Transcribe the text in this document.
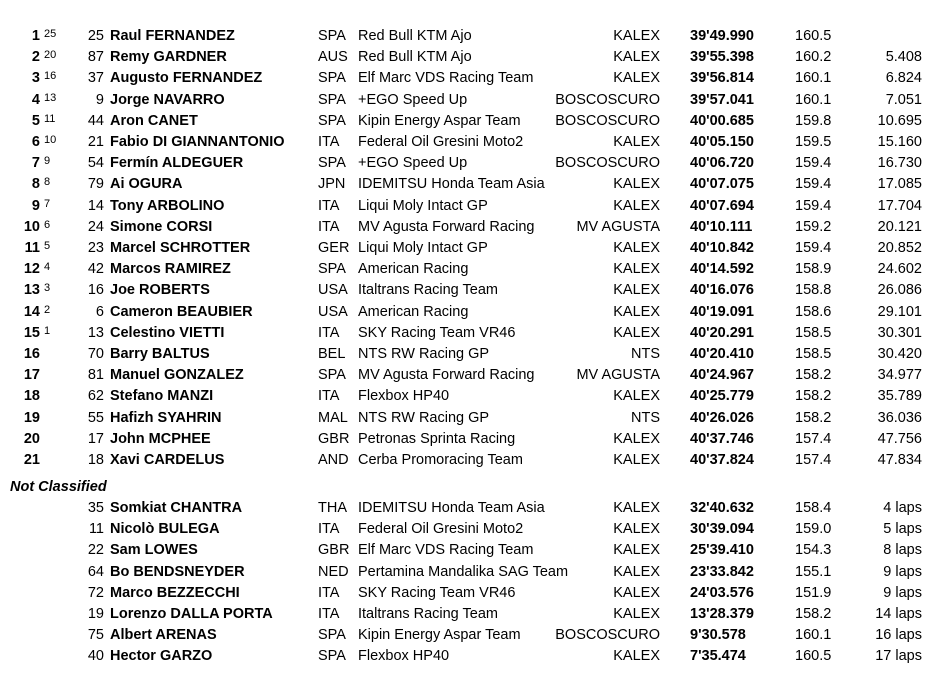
1 25	25 Raul FERNANDEZ	SPA Red Bull KTM Ajo	KALEX 39'49.990	160.5
2 20	87 Remy GARDNER	AUS Red Bull KTM Ajo	KALEX 39'55.398	160.2	5.408
3 16	37 Augusto FERNANDEZ	SPA Elf Marc VDS Racing Team	KALEX 39'56.814	160.1	6.824
4 13	9 Jorge NAVARRO	SPA +EGO Speed Up	BOSCOSCURO 39'57.041	160.1	7.051
5 11	44 Aron CANET	SPA Kipin Energy Aspar Team	BOSCOSCURO 40'00.685	159.8	10.695
6 10	21 Fabio DI GIANNANTONIO ITA Federal Oil Gresini Moto2	KALEX 40'05.150	159.5	15.160
7 9	54 Fermín ALDEGUER	SPA +EGO Speed Up	BOSCOSCURO 40'06.720	159.4	16.730
8 8	79 Ai OGURA	JPN IDEMITSU Honda Team Asia	KALEX 40'07.075	159.4	17.085
9 7	14 Tony ARBOLINO	ITA Liqui Moly Intact GP	KALEX 40'07.694	159.4	17.704
10 6	24 Simone CORSI	ITA MV Agusta Forward Racing	MV AGUSTA 40'10.111	159.2	20.121
11 5	23 Marcel SCHROTTER	GER Liqui Moly Intact GP	KALEX 40'10.842	159.4	20.852
12 4	42 Marcos RAMIREZ	SPA American Racing	KALEX 40'14.592	158.9	24.602
13 3	16 Joe ROBERTS	USA Italtrans Racing Team	KALEX 40'16.076	158.8	26.086
14 2	6 Cameron BEAUBIER	USA American Racing	KALEX 40'19.091	158.6	29.101
15 1	13 Celestino VIETTI	ITA SKY Racing Team VR46	KALEX 40'20.291	158.5	30.301
16	70 Barry BALTUS	BEL NTS RW Racing GP	NTS 40'20.410	158.5	30.420
17	81 Manuel GONZALEZ	SPA MV Agusta Forward Racing	MV AGUSTA 40'24.967	158.2	34.977
18	62 Stefano MANZI	ITA Flexbox HP40	KALEX 40'25.779	158.2	35.789
19	55 Hafizh SYAHRIN	MAL NTS RW Racing GP	NTS 40'26.026	158.2	36.036
20	17 John MCPHEE	GBR Petronas Sprinta Racing	KALEX 40'37.746	157.4	47.756
21	18 Xavi CARDELUS	AND Cerba Promoracing Team	KALEX 40'37.824	157.4	47.834
35 Somkiat CHANTRA	THA IDEMITSU Honda Team Asia	KALEX 32'40.632	158.4	4 laps
11 Nicolò BULEGA	ITA Federal Oil Gresini Moto2	KALEX 30'39.094	159.0	5 laps
22 Sam LOWES	GBR Elf Marc VDS Racing Team	KALEX 25'39.410	154.3	8 laps
64 Bo BENDSNEYDER	NED Pertamina Mandalika SAG Team	KALEX 23'33.842	155.1	9 laps
72 Marco BEZZECCHI	ITA SKY Racing Team VR46	KALEX 24'03.576	151.9	9 laps
19 Lorenzo DALLA PORTA	ITA Italtrans Racing Team	KALEX 13'28.379	158.2	14 laps
75 Albert ARENAS	SPA Kipin Energy Aspar Team	BOSCOSCURO 9'30.578	160.1	16 laps
40 Hector GARZO	SPA Flexbox HP40	KALEX 7'35.474	160.5	17 laps
Not Classified
